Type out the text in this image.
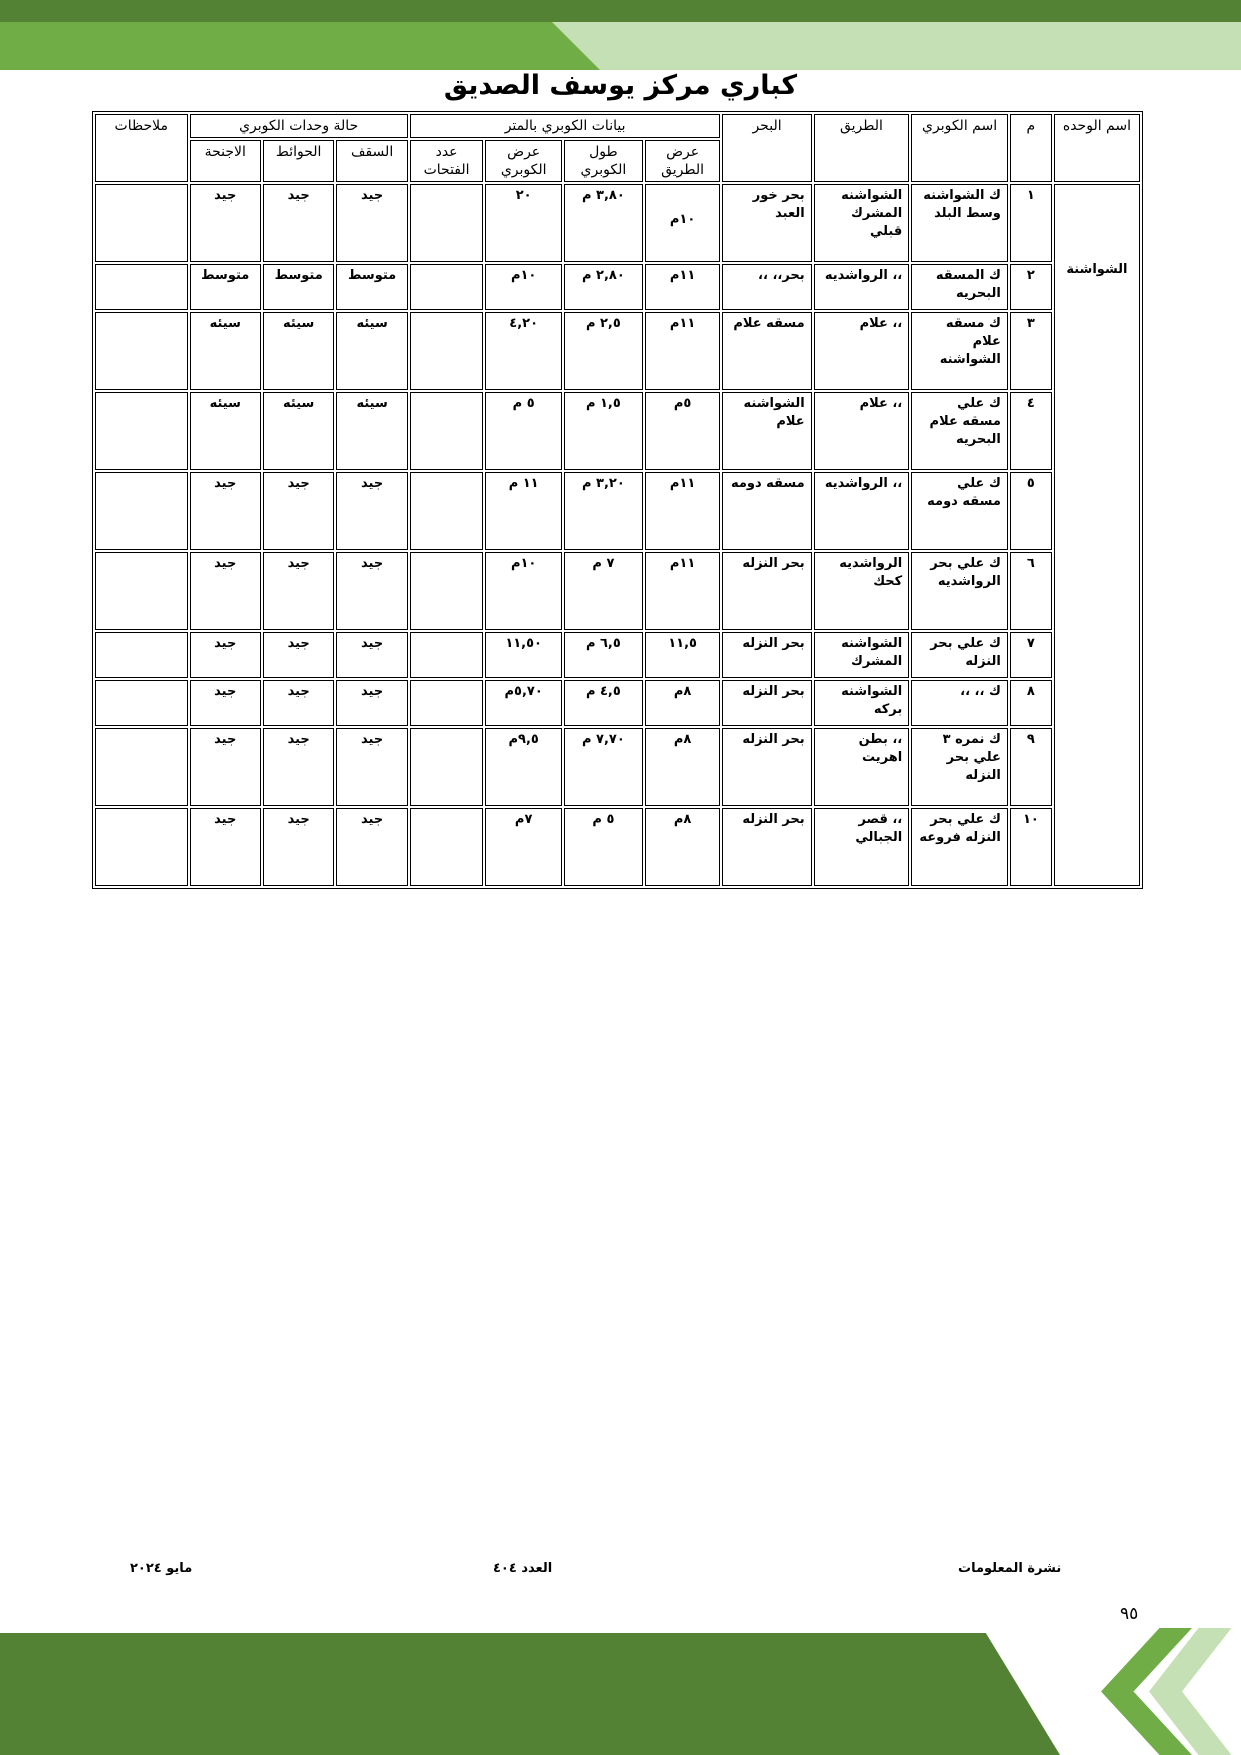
كباري مركز يوسف الصديق
اسم الوحده	م	اسم الكوبري	الطريق	البحر	بيانات الكوبري بالمتر				حالة وحدات الكوبري			ملاحظات
					عرض الطريق	طول الكوبري	عرض الكوبري	عدد الفتحات	السقف	الحوائط	الاجنحة	
الشواشنة	١	ك الشواشنه وسط البلد	الشواشنه المشرك قبلي	بحر خور العبد	١٠م	٣,٨٠ م	٢٠		جيد	جيد	جيد	
	٢	ك المسقه البحريه	،، الرواشديه	بحر،، ،،	١١م	٢,٨٠ م	١٠م		متوسط	متوسط	متوسط	
	٣	ك مسقه علام الشواشنه	،، علام	مسقه علام	١١م	٢,٥ م	٤,٢٠		سيئه	سيئه	سيئه	
	٤	ك علي مسقه علام البحريه	،، علام	الشواشنه علام	٥م	١,٥ م	٥ م		سيئه	سيئه	سيئه	
	٥	ك علي مسقه دومه	،، الرواشديه	مسقه دومه	١١م	٣,٢٠ م	١١ م		جيد	جيد	جيد	
	٦	ك علي بحر الرواشديه	الرواشديه كحك	بحر النزله	١١م	٧ م	١٠م		جيد	جيد	جيد	
	٧	ك علي بحر النزله	الشواشنه المشرك	بحر النزله	١١,٥	٦,٥ م	١١,٥٠		جيد	جيد	جيد	
	٨	ك ،، ،،	الشواشنه بركه	بحر النزله	٨م	٤,٥ م	٥,٧٠م		جيد	جيد	جيد	
	٩	ك نمره ٣ علي بحر النزله	،، بطن اهريت	بحر النزله	٨م	٧,٧٠ م	٩,٥م		جيد	جيد	جيد	
	١٠	ك علي بحر النزله فروعه	،، قصر الجبالي	بحر النزله	٨م	٥ م	٧م		جيد	جيد	جيد	
نشرة المعلومات
العدد ٤٠٤
مايو ٢٠٢٤
٩٥
